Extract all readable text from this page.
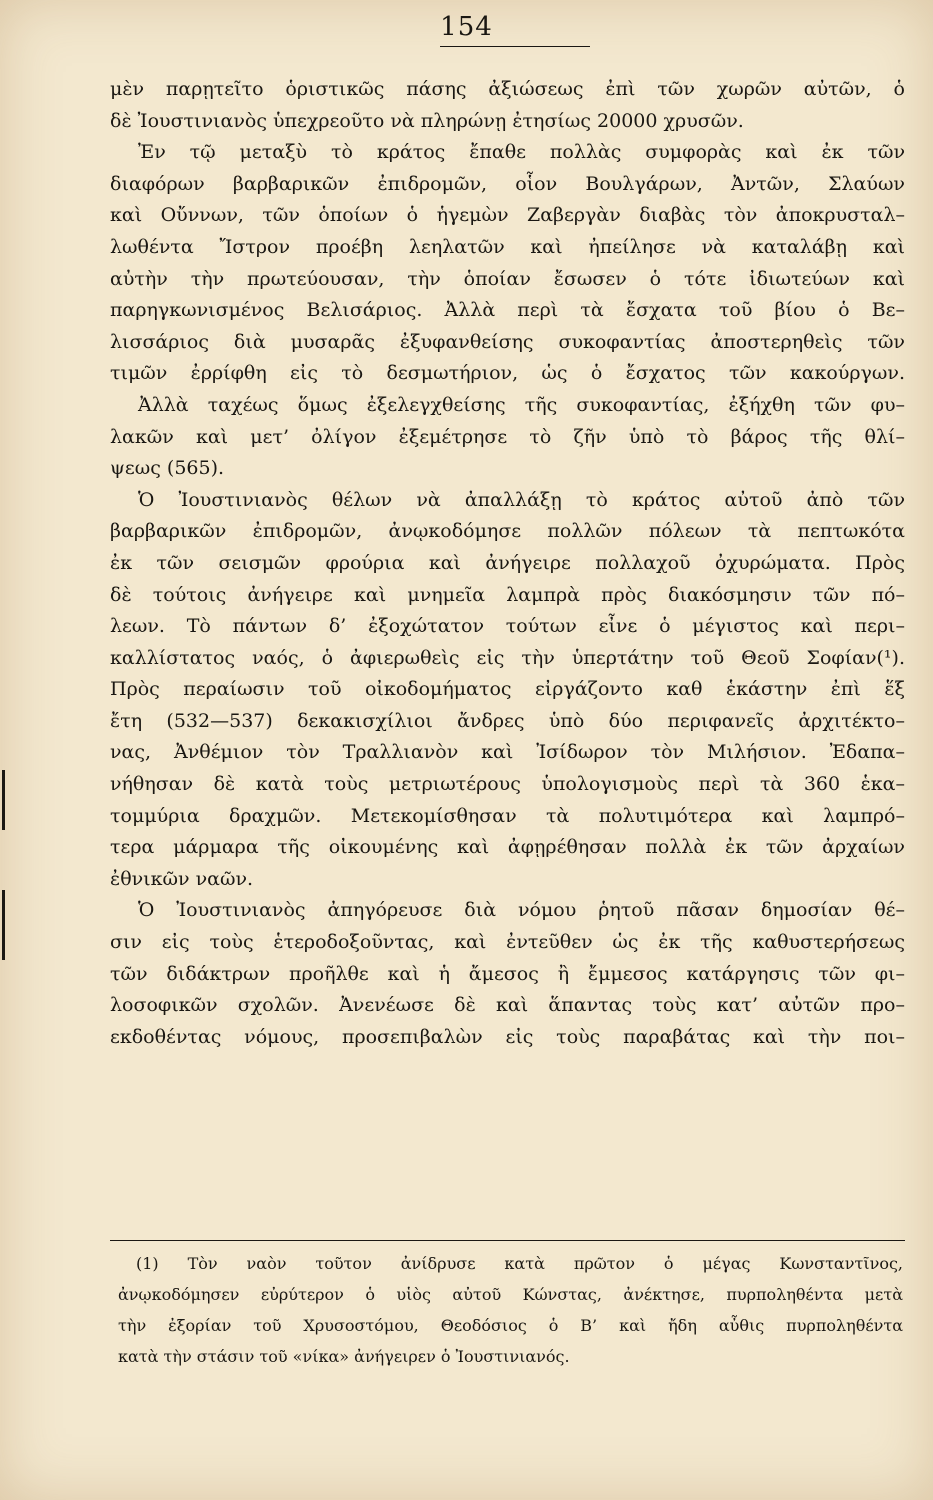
154
μὲν παρῃτεῖτο ὁριστικῶς πάσης ἀξιώσεως ἐπὶ τῶν χωρῶν αὐτῶν, ὁ
δὲ Ἰουστινιανὸς ὑπεχρεοῦτο νὰ πληρώνῃ ἐτησίως 20000 χρυσῶν.
Ἐν τῷ μεταξὺ τὸ κράτος ἔπαθε πολλὰς συμφορὰς καὶ ἐκ τῶν
διαφόρων βαρβαρικῶν ἐπιδρομῶν, οἷον Βουλγάρων, Ἀντῶν, Σλαύων
καὶ Οὔννων, τῶν ὁποίων ὁ ἡγεμὼν Ζαβεργὰν διαβὰς τὸν ἀποκρυσταλ–
λωθέντα Ἴστρον προέβη λεηλατῶν καὶ ἠπείλησε νὰ καταλάβῃ καὶ
αὐτὴν τὴν πρωτεύουσαν, τὴν ὁποίαν ἔσωσεν ὁ τότε ἰδιωτεύων καὶ
παρηγκωνισμένος Βελισάριος. Ἀλλὰ περὶ τὰ ἔσχατα τοῦ βίου ὁ Βε–
λισσάριος διὰ μυσαρᾶς ἐξυφανθείσης συκοφαντίας ἀποστερηθεὶς τῶν
τιμῶν ἐρρίφθη εἰς τὸ δεσμωτήριον, ὡς ὁ ἔσχατος τῶν κακούργων.
Ἀλλὰ ταχέως ὅμως ἐξελεγχθείσης τῆς συκοφαντίας, ἐξήχθη τῶν φυ–
λακῶν καὶ μετ’ ὀλίγον ἐξεμέτρησε τὸ ζῆν ὑπὸ τὸ βάρος τῆς θλί–
ψεως (565).
Ὁ Ἰουστινιανὸς θέλων νὰ ἀπαλλάξῃ τὸ κράτος αὐτοῦ ἀπὸ τῶν
βαρβαρικῶν ἐπιδρομῶν, ἀνῳκοδόμησε πολλῶν πόλεων τὰ πεπτωκότα
ἐκ τῶν σεισμῶν φρούρια καὶ ἀνήγειρε πολλαχοῦ ὀχυρώματα. Πρὸς
δὲ τούτοις ἀνήγειρε καὶ μνημεῖα λαμπρὰ πρὸς διακόσμησιν τῶν πό–
λεων. Τὸ πάντων δ’ ἐξοχώτατον τούτων εἶνε ὁ μέγιστος καὶ περι–
καλλίστατος ναός, ὁ ἀφιερωθεὶς εἰς τὴν ὑπερτάτην τοῦ Θεοῦ Σοφίαν(¹).
Πρὸς περαίωσιν τοῦ οἰκοδομήματος εἰργάζοντο καθ ἑκάστην ἐπὶ ἕξ
ἔτη (532—537) δεκακισχίλιοι ἄνδρες ὑπὸ δύο περιφανεῖς ἀρχιτέκτο–
νας, Ἀνθέμιον τὸν Τραλλιανὸν καὶ Ἰσίδωρον τὸν Μιλήσιον. Ἐδαπα–
νήθησαν δὲ κατὰ τοὺς μετριωτέρους ὑπολογισμοὺς περὶ τὰ 360 ἑκα–
τομμύρια δραχμῶν. Μετεκομίσθησαν τὰ πολυτιμότερα καὶ λαμπρό–
τερα μάρμαρα τῆς οἰκουμένης καὶ ἀφῃρέθησαν πολλὰ ἐκ τῶν ἀρχαίων
ἐθνικῶν ναῶν.
Ὁ Ἰουστινιανὸς ἀπηγόρευσε διὰ νόμου ῥητοῦ πᾶσαν δημοσίαν θέ–
σιν εἰς τοὺς ἑτεροδοξοῦντας, καὶ ἐντεῦθεν ὡς ἐκ τῆς καθυστερήσεως
τῶν διδάκτρων προῆλθε καὶ ἡ ἄμεσος ἢ ἔμμεσος κατάργησις τῶν φι–
λοσοφικῶν σχολῶν. Ἀνενέωσε δὲ καὶ ἅπαντας τοὺς κατ’ αὐτῶν προ–
εκδοθέντας νόμους, προσεπιβαλὼν εἰς τοὺς παραβάτας καὶ τὴν ποι–
(1) Τὸν ναὸν τοῦτον ἀνίδρυσε κατὰ πρῶτον ὁ μέγας Κωνσταντῖνος,
ἀνῳκοδόμησεν εὐρύτερον ὁ υἱὸς αὐτοῦ Κώνστας, ἀνέκτησε, πυρποληθέντα μετὰ
τὴν ἐξορίαν τοῦ Χρυσοστόμου, Θεοδόσιος ὁ Β’ καὶ ἤδη αὖθις πυρποληθέντα
κατὰ τὴν στάσιν τοῦ «νίκα» ἀνήγειρεν ὁ Ἰουστινιανός.
